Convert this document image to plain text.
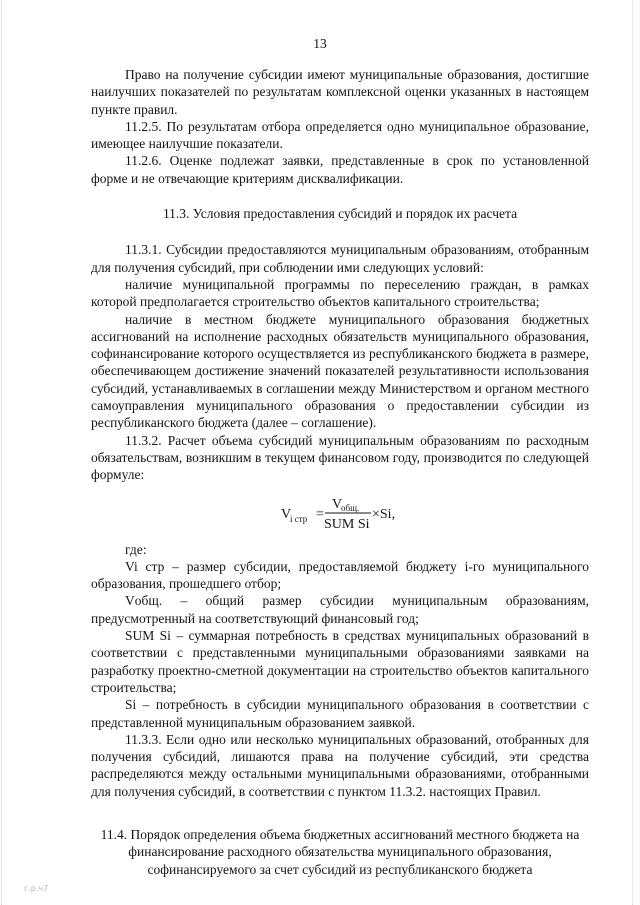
13

Право на получение субсидии имеют муниципальные образования, достигшие наилучших показателей по результатам комплексной оценки указанных в настоящем пункте правил.

11.2.5. По результатам отбора определяется одно муниципальное образование, имеющее наилучшие показатели.

11.2.6. Оценке подлежат заявки, представленные в срок по установленной форме и не отвечающие критериям дисквалификации.

11.3. Условия предоставления субсидий и порядок их расчета

11.3.1. Субсидии предоставляются муниципальным образованиям, отобранным для получения субсидий, при соблюдении ими следующих условий:

наличие муниципальной программы по переселению граждан, в рамках которой предполагается строительство объектов капитального строительства;

наличие в местном бюджете муниципального образования бюджетных ассигнований на исполнение расходных обязательств муниципального образования, софинансирование которого осуществляется из республиканского бюджета в размере, обеспечивающем достижение значений показателей результативности использования субсидий, устанавливаемых в соглашении между Министерством и органом местного самоуправления муниципального образования о предоставлении субсидии из республиканского бюджета (далее – соглашение).

11.3.2. Расчет объема субсидий муниципальным образованиям по расходным обязательствам, возникшим в текущем финансовом году, производится по следующей формуле:

V
i стр =
V
общ.
SUM Si
×Si,

где:

Vi стр – размер субсидии, предоставляемой бюджету i-го муниципального образования, прошедшего отбор;

Vобщ. – общий размер субсидии муниципальным образованиям, предусмотренный на соответствующий финансовый год;

SUM Si – суммарная потребность в средствах муниципальных образований в соответствии с представленными муниципальными образованиями заявками на разработку проектно-сметной документации на строительство объектов капитального строительства;

Si – потребность в субсидии муниципального образования в соответствии с представленной муниципальным образованием заявкой.

11.3.3. Если одно или несколько муниципальных образований, отобранных для получения субсидий, лишаются права на получение субсидий, эти средства распределяются между остальными муниципальными образованиями, отобранными для получения субсидий, в соответствии с пунктом 11.3.2. настоящих Правил.

11.4. Порядок определения объема бюджетных ассигнований местного бюджета на финансирование расходного обязательства муниципального образования, софинансируемого за счет субсидий из республиканского бюджета

г.р.ч7
